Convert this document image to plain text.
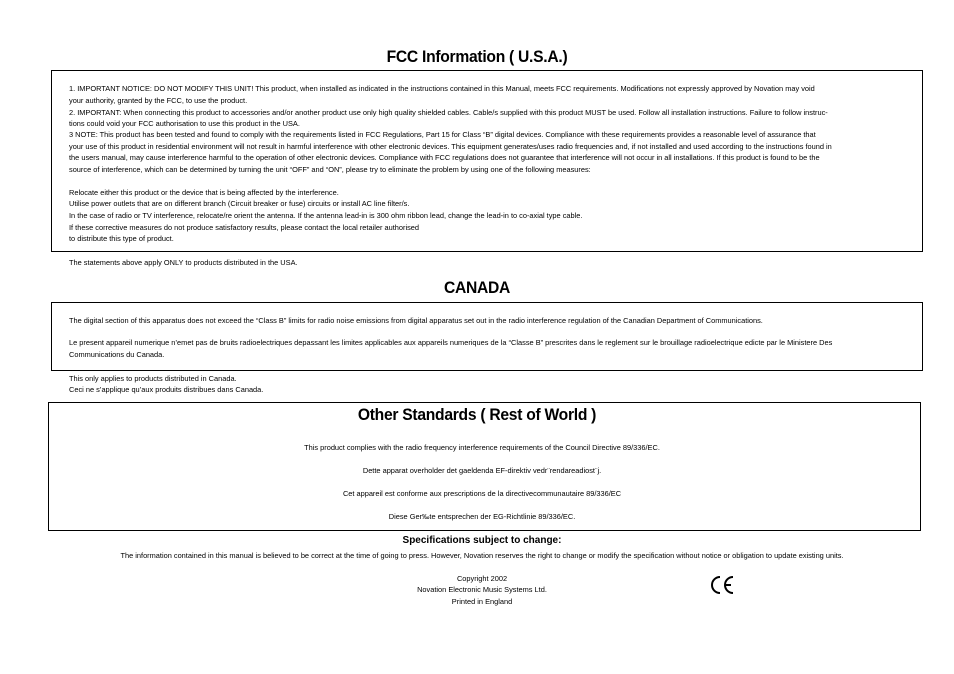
FCC Information ( U.S.A.)
1. IMPORTANT NOTICE: DO NOT MODIFY THIS UNIT! This product, when installed as indicated in the instructions contained in this Manual, meets FCC requirements. Modifications not expressly approved by Novation may void
your authority, granted by the FCC, to use the product.
2. IMPORTANT: When connecting this product to accessories and/or another product use only high quality shielded cables. Cable/s supplied with this product MUST be used. Follow all installation instructions. Failure to follow instruc-
tions could void your FCC authorisation to use this product in the USA.
3 NOTE: This product has been tested and found to comply with the requirements listed in FCC Regulations, Part 15 for Class “B” digital devices. Compliance with these requirements provides a reasonable level of assurance that
your use of this product in residential environment will not result in harmful interference with other electronic devices. This equipment generates/uses radio frequencies and, if not installed and used according to the instructions found in
the users manual, may cause interference harmful to the operation of other electronic devices. Compliance with FCC regulations does not guarantee that interference will not occur in all installations. If this product is found to be the
source of interference, which can be determined by turning the unit “OFF” and “ON”, please try to eliminate the problem by using one of the following measures:
Relocate either this product or the device that is being affected by the interference.
Utilise power outlets that are on different branch (Circuit breaker or fuse) circuits or install AC line filter/s.
In the case of radio or TV interference, relocate/re orient the antenna. If the antenna lead-in is 300 ohm ribbon lead, change the lead-in to co-axial type cable.
If these corrective measures do not produce satisfactory results, please contact the local retailer authorised
to distribute this type of product.
The statements above apply ONLY to products distributed in the USA.
CANADA
The digital section of this apparatus does not exceed the “Class B” limits for radio noise emissions from digital apparatus set out in the radio interference regulation of the Canadian Department of Communications.
Le present appareil numerique n’emet pas de bruits radioelectriques depassant les limites applicables aux appareils numeriques de la “Classe B” prescrites dans le reglement sur le brouillage radioelectrique edicte par le Ministere Des
Communications du Canada.
This only applies to products distributed in Canada.
Ceci ne s’applique qu’aux produits distribues dans Canada.
Other Standards ( Rest of World )
This product complies with the radio frequency interference requirements of the Council Directive 89/336/EC.
Dette apparat overholder det gaeldenda EF-direktiv vedr¨rendareadiost¨j.
Cet appareil est conforme aux prescriptions de la directivecommunautaire 89/336/EC
Diese Ger‰te entsprechen der EG-Richtlinie 89/336/EC.
Specifications subject to change:
The information contained in this manual is believed to be correct at the time of going to press. However, Novation reserves the right to change or modify the specification without notice or obligation to update existing units.
Copyright 2002
Novation Electronic Music Systems Ltd.
Printed in England
